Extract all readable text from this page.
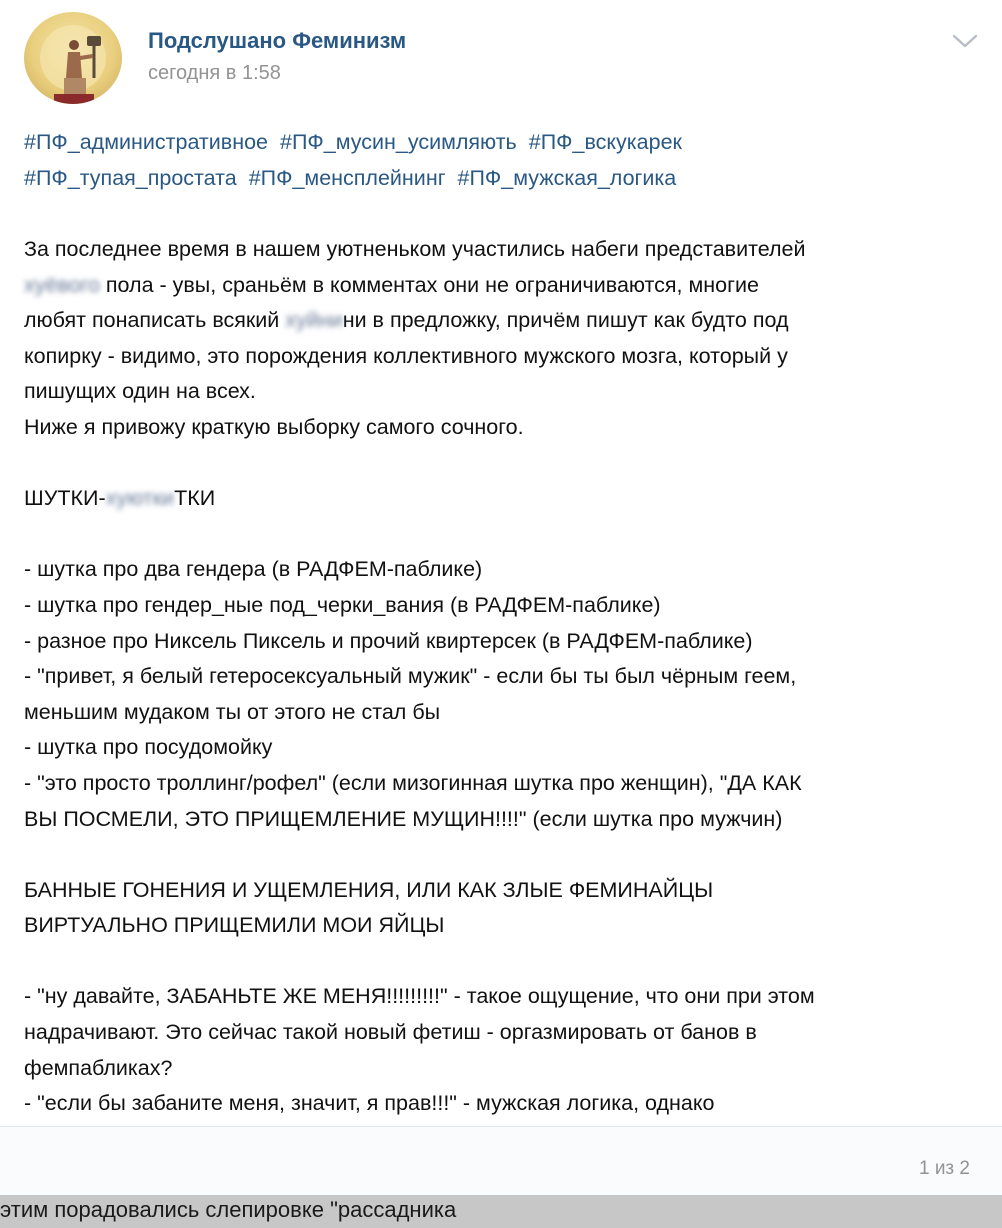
Подслушано Феминизм
сегодня в 1:58
#ПФ_административное #ПФ_мусин_усимляють #ПФ_вскукарек
#ПФ_тупая_простата #ПФ_менсплейнинг #ПФ_мужская_логика

За последнее время в нашем уютненьком участились набеги представителей

хуёвого пола - увы, сраньём в комментах они не ограничиваются, многие

любят понаписать всякий хуйнини в предложку, причём пишут как будто под

копирку - видимо, это порождения коллективного мужского мозга, который у

пишущих один на всех.

Ниже я привожу краткую выборку самого сочного.

ШУТКИ-хуюткиТКИ

- шутка про два гендера (в РАДФЕМ-паблике)

- шутка про гендер_ные под_черки_вания (в РАДФЕМ-паблике)

- разное про Никсель Пиксель и прочий квиртерсек (в РАДФЕМ-паблике)

- "привет, я белый гетеросексуальный мужик" - если бы ты был чёрным геем,

меньшим мудаком ты от этого не стал бы

- шутка про посудомойку

- "это просто троллинг/рофел" (если мизогинная шутка про женщин), "ДА КАК

ВЫ ПОСМЕЛИ, ЭТО ПРИЩЕМЛЕНИЕ МУЩИН!!!!" (если шутка про мужчин)

БАННЫЕ ГОНЕНИЯ И УЩЕМЛЕНИЯ, ИЛИ КАК ЗЛЫЕ ФЕМИНАЙЦЫ

ВИРТУАЛЬНО ПРИЩЕМИЛИ МОИ ЯЙЦЫ

- "ну давайте, ЗАБАНЬТЕ ЖЕ МЕНЯ!!!!!!!!!" - такое ощущение, что они при этом

надрачивают. Это сейчас такой новый фетиш - оргазмировать от банов в

фемпабликах?

- "если бы забаните меня, значит, я прав!!!" - мужская логика, однако

1 из 2
этим порадовались слепировке "рассадника
